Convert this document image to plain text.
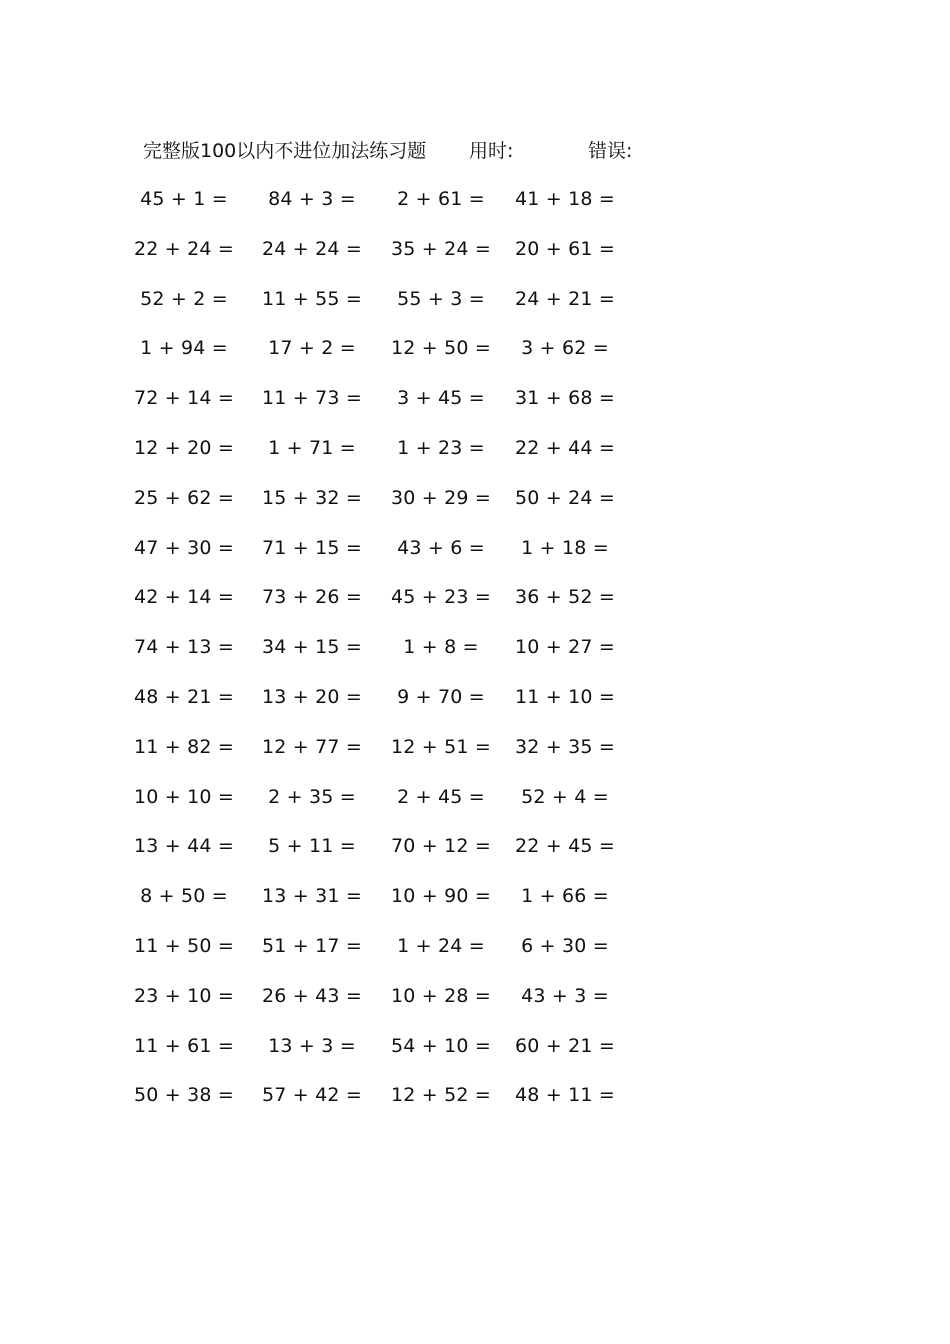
完整版100以内不进位加法练习题 用时:	错误:
45 + 1 =	84 + 3 =	2 + 61 =	41 + 18 =
22 + 24 = 24 + 24 = 35 + 24 = 20 + 61 =
52 + 2 =	11 + 55 =	55 + 3 =	24 + 21 =
1 + 94 =	17 + 2 =	12 + 50 =	3 + 62 =
72 + 14 = 11 + 73 =	3 + 45 =	31 + 68 =
12 + 20 =	1 + 71 =	1 + 23 =	22 + 44 =
25 + 62 = 15 + 32 = 30 + 29 = 50 + 24 =
47 + 30 = 71 + 15 =	43 + 6 =	1 + 18 =
42 + 14 = 73 + 26 = 45 + 23 = 36 + 52 =
74 + 13 = 34 + 15 =	1 + 8 =	10 + 27 =
48 + 21 = 13 + 20 =	9 + 70 =	11 + 10 =
11 + 82 = 12 + 77 = 12 + 51 = 32 + 35 =
10 + 10 =	2 + 35 =	2 + 45 =	52 + 4 =
13 + 44 =	5 + 11 =	70 + 12 = 22 + 45 =
8 + 50 =	13 + 31 = 10 + 90 =	1 + 66 =
11 + 50 = 51 + 17 =	1 + 24 =	6 + 30 =
23 + 10 = 26 + 43 = 10 + 28 =	43 + 3 =
11 + 61 =	13 + 3 =	54 + 10 = 60 + 21 =
50 + 38 = 57 + 42 = 12 + 52 = 48 + 11 =
